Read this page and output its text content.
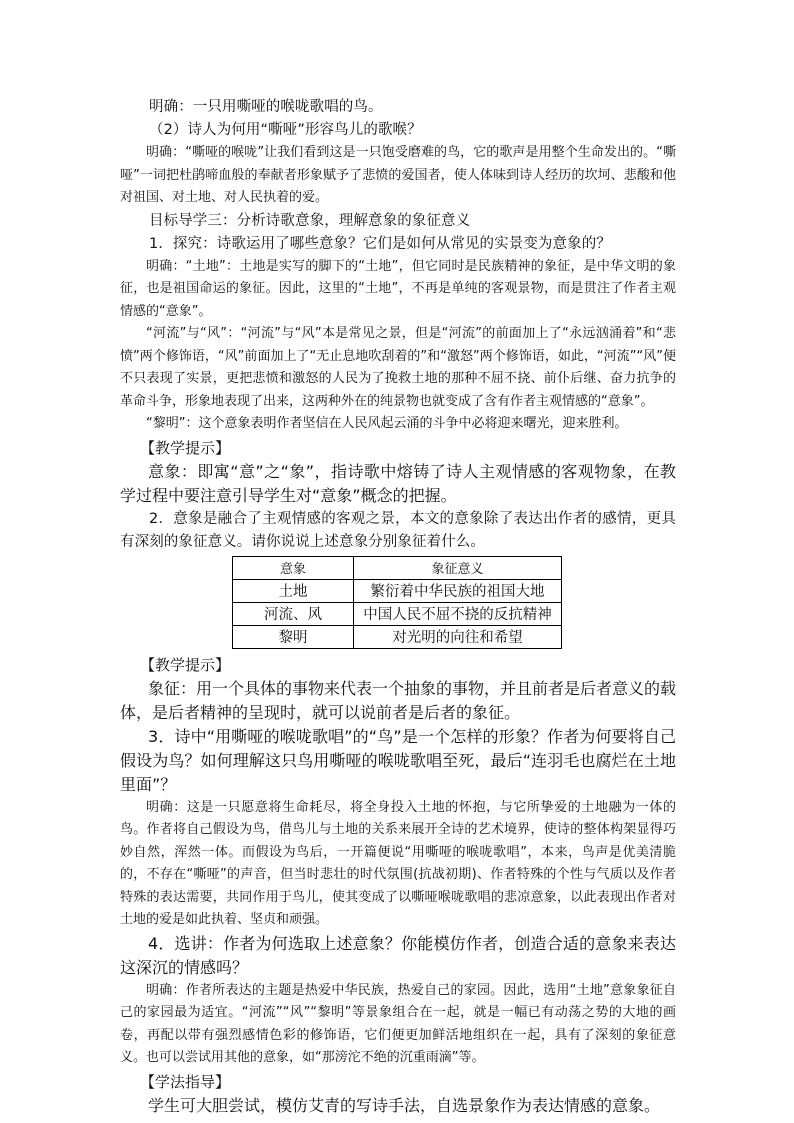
明确：一只用嘶哑的喉咙歌唱的鸟。

（2）诗人为何用“嘶哑”形容鸟儿的歌喉？

明确：“嘶哑的喉咙”让我们看到这是一只饱受磨难的鸟，它的歌声是用整个生命发出的。“嘶哑”一词把杜鹃啼血般的奉献者形象赋予了悲愤的爱国者，使人体味到诗人经历的坎坷、悲酸和他对祖国、对土地、对人民执着的爱。

目标导学三：分析诗歌意象，理解意象的象征意义

1．探究：诗歌运用了哪些意象？它们是如何从常见的实景变为意象的？

明确：“土地”：土地是实写的脚下的“土地”，但它同时是民族精神的象征，是中华文明的象征，也是祖国命运的象征。因此，这里的“土地”，不再是单纯的客观景物，而是贯注了作者主观情感的“意象”。

“河流”与“风”：“河流”与“风”本是常见之景，但是“河流”的前面加上了“永远汹涌着”和“悲愤”两个修饰语，“风”前面加上了“无止息地吹刮着的”和“激怒”两个修饰语，如此，“河流”“风”便不只表现了实景，更把悲愤和激怒的人民为了挽救土地的那种不屈不挠、前仆后继、奋力抗争的革命斗争，形象地表现了出来，这两种外在的纯景物也就变成了含有作者主观情感的“意象”。

“黎明”：这个意象表明作者坚信在人民风起云涌的斗争中必将迎来曙光，迎来胜利。

【教学提示】

意象：即寓“意”之“象”，指诗歌中熔铸了诗人主观情感的客观物象，在教学过程中要注意引导学生对“意象”概念的把握。

2．意象是融合了主观情感的客观之景，本文的意象除了表达出作者的感情，更具有深刻的象征意义。请你说说上述意象分别象征着什么。

意象	象征意义
土地	繁衍着中华民族的祖国大地
河流、风	中国人民不屈不挠的反抗精神
黎明	对光明的向往和希望

【教学提示】

象征：用一个具体的事物来代表一个抽象的事物，并且前者是后者意义的载体，是后者精神的呈现时，就可以说前者是后者的象征。

3．诗中“用嘶哑的喉咙歌唱”的“鸟”是一个怎样的形象？作者为何要将自己假设为鸟？如何理解这只鸟用嘶哑的喉咙歌唱至死，最后“连羽毛也腐烂在土地里面”？

明确：这是一只愿意将生命耗尽，将全身投入土地的怀抱，与它所挚爱的土地融为一体的鸟。作者将自己假设为鸟，借鸟儿与土地的关系来展开全诗的艺术境界，使诗的整体构架显得巧妙自然，浑然一体。而假设为鸟后，一开篇便说“用嘶哑的喉咙歌唱”，本来，鸟声是优美清脆的，不存在“嘶哑”的声音，但当时悲壮的时代氛围(抗战初期)、作者特殊的个性与气质以及作者特殊的表达需要，共同作用于鸟儿，使其变成了以嘶哑喉咙歌唱的悲凉意象，以此表现出作者对土地的爱是如此执着、坚贞和顽强。

4．选讲：作者为何选取上述意象？你能模仿作者，创造合适的意象来表达这深沉的情感吗？

明确：作者所表达的主题是热爱中华民族，热爱自己的家园。因此，选用“土地”意象象征自己的家园最为适宜。“河流”“风”“黎明”等景象组合在一起，就是一幅已有动荡之势的大地的画卷，再配以带有强烈感情色彩的修饰语，它们便更加鲜活地组织在一起，具有了深刻的象征意义。也可以尝试用其他的意象，如“那滂沱不绝的沉重雨滴”等。

【学法指导】

学生可大胆尝试，模仿艾青的写诗手法，自选景象作为表达情感的意象。
